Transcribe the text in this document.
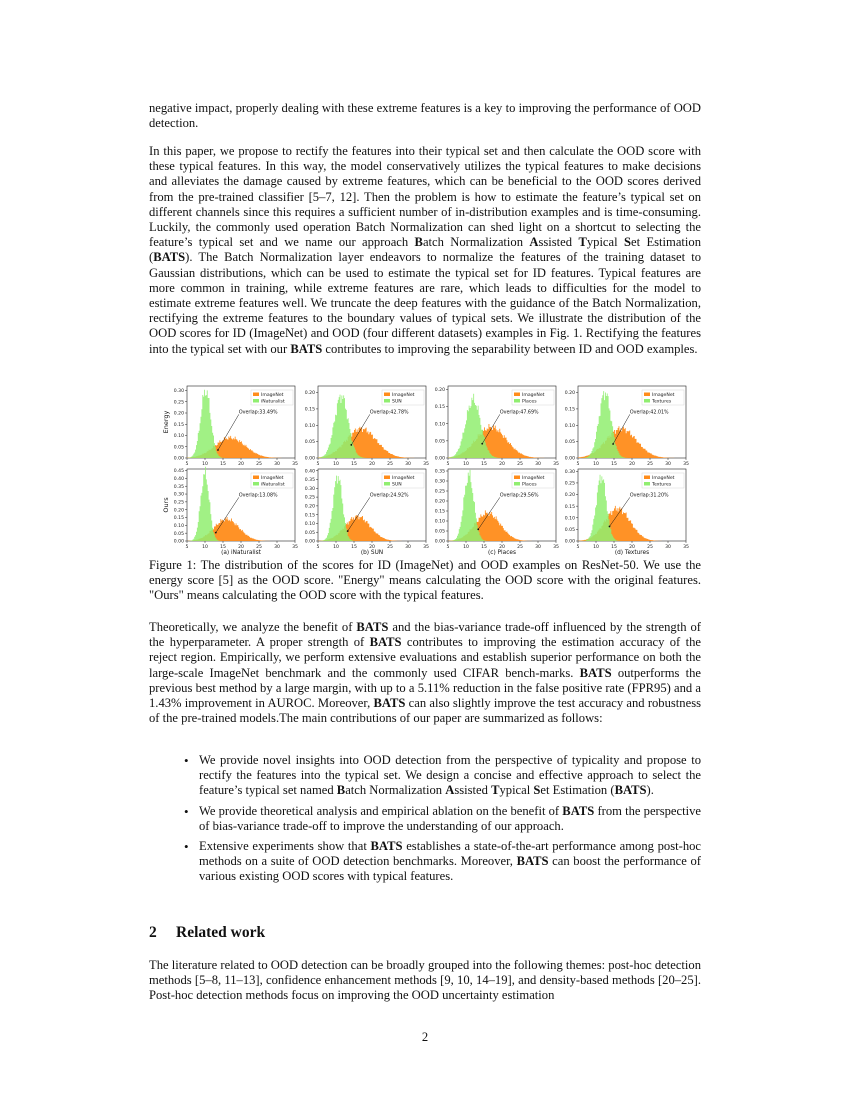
negative impact, properly dealing with these extreme features is a key to improving the performance of OOD detection.
In this paper, we propose to rectify the features into their typical set and then calculate the OOD score with these typical features. In this way, the model conservatively utilizes the typical features to make decisions and alleviates the damage caused by extreme features, which can be beneficial to the OOD scores derived from the pre-trained classifier [5–7, 12]. Then the problem is how to estimate the feature’s typical set on different channels since this requires a sufficient number of in-distribution examples and is time-consuming. Luckily, the commonly used operation Batch Normalization can shed light on a shortcut to selecting the feature’s typical set and we name our approach Batch Normalization Assisted Typical Set Estimation (BATS). The Batch Normalization layer endeavors to normalize the features of the training dataset to Gaussian distributions, which can be used to estimate the typical set for ID features. Typical features are more common in training, while extreme features are rare, which leads to difficulties for the model to estimate extreme features well. We truncate the deep features with the guidance of the Batch Normalization, rectifying the extreme features to the boundary values of typical sets. We illustrate the distribution of the OOD scores for ID (ImageNet) and OOD (four different datasets) examples in Fig. 1. Rectifying the features into the typical set with our BATS contributes to improving the separability between ID and OOD examples.
Energy
Ours
0.00
0.05
0.10
0.15
0.20
0.25
0.30
5	10	15	20	25	30	35
ImageNet
iNaturalist
Overlap:33.49%
0.00
0.05
0.10
0.15
0.20
5	10	15	20	25	30	35
ImageNet
SUN
Overlap:42.78%
0.00
0.05
0.10
0.15
0.20
5	10	15	20	25	30	35
ImageNet
Places
Overlap:47.69%
0.00
0.05
0.10
0.15
0.20
5	10	15	20	25	30	35
ImageNet
Textures
Overlap:42.01%
0.00
0.05
0.10
0.15
0.20
0.25
0.30
0.35
0.40
0.45
5	10	15	20	25	30	35
ImageNet
iNaturalist
Overlap:13.08%
0.00
0.05
0.10
0.15
0.20
0.25
0.30
0.35
0.40
5	10	15	20	25	30	35
ImageNet
SUN
Overlap:24.92%
0.00
0.05
0.10
0.15
0.20
0.25
0.30
0.35
5	10	15	20	25	30	35
ImageNet
Places
Overlap:29.56%
0.00
0.05
0.10
0.15
0.20
0.25
0.30
5	10	15	20	25	30	35
ImageNet
Textures
Overlap:31.20%
(a) iNaturalist	(b) SUN	(c) Places	(d) Textures
Figure 1: The distribution of the scores for ID (ImageNet) and OOD examples on ResNet-50. We use the energy score [5] as the OOD score. "Energy" means calculating the OOD score with the original features. "Ours" means calculating the OOD score with the typical features.
Theoretically, we analyze the benefit of BATS and the bias-variance trade-off influenced by the strength of the hyperparameter. A proper strength of BATS contributes to improving the estimation accuracy of the reject region. Empirically, we perform extensive evaluations and establish superior performance on both the large-scale ImageNet benchmark and the commonly used CIFAR bench-marks. BATS outperforms the previous best method by a large margin, with up to a 5.11% reduction in the false positive rate (FPR95) and a 1.43% improvement in AUROC. Moreover, BATS can also slightly improve the test accuracy and robustness of the pre-trained models.The main contributions of our paper are summarized as follows:
• We provide novel insights into OOD detection from the perspective of typicality and propose to rectify the features into the typical set. We design a concise and effective approach to select the feature’s typical set named Batch Normalization Assisted Typical Set Estimation (BATS).
• We provide theoretical analysis and empirical ablation on the benefit of BATS from the perspective of bias-variance trade-off to improve the understanding of our approach.
• Extensive experiments show that BATS establishes a state-of-the-art performance among post-hoc methods on a suite of OOD detection benchmarks. Moreover, BATS can boost the performance of various existing OOD scores with typical features.
2 Related work
The literature related to OOD detection can be broadly grouped into the following themes: post-hoc detection methods [5–8, 11–13], confidence enhancement methods [9, 10, 14–19], and density-based methods [20–25]. Post-hoc detection methods focus on improving the OOD uncertainty estimation
2
